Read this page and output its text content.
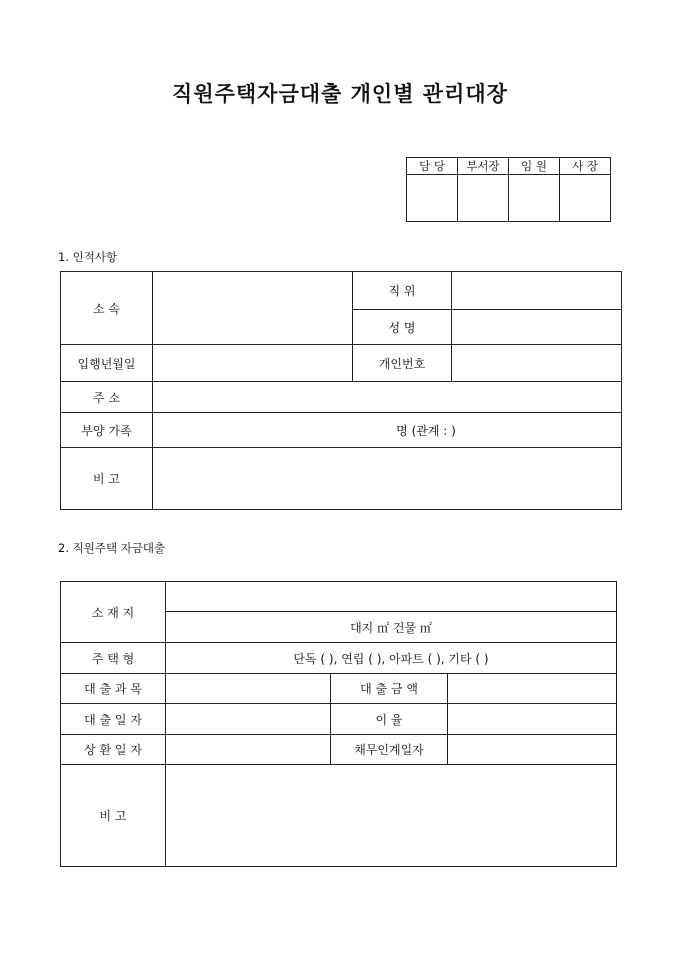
직원주택자금대출 개인별 관리대장
담 당	부서장	임 원	사 장

1. 인적사항
소 속		직 위	
		성 명	
입행년월일		개인번호	
주 소			
부양 가족	명 (관계 : )		
비 고			
2. 직원주택 자금대출
소 재 지			
	대지 ㎡ 건물 ㎡		
주 택 형	단독 ( ), 연립 ( ), 아파트 ( ), 기타 ( )		
대 출 과 목		대 출 금 액	
대 출 일 자		이 율	
상 환 일 자		채무인계일자	
비 고			
